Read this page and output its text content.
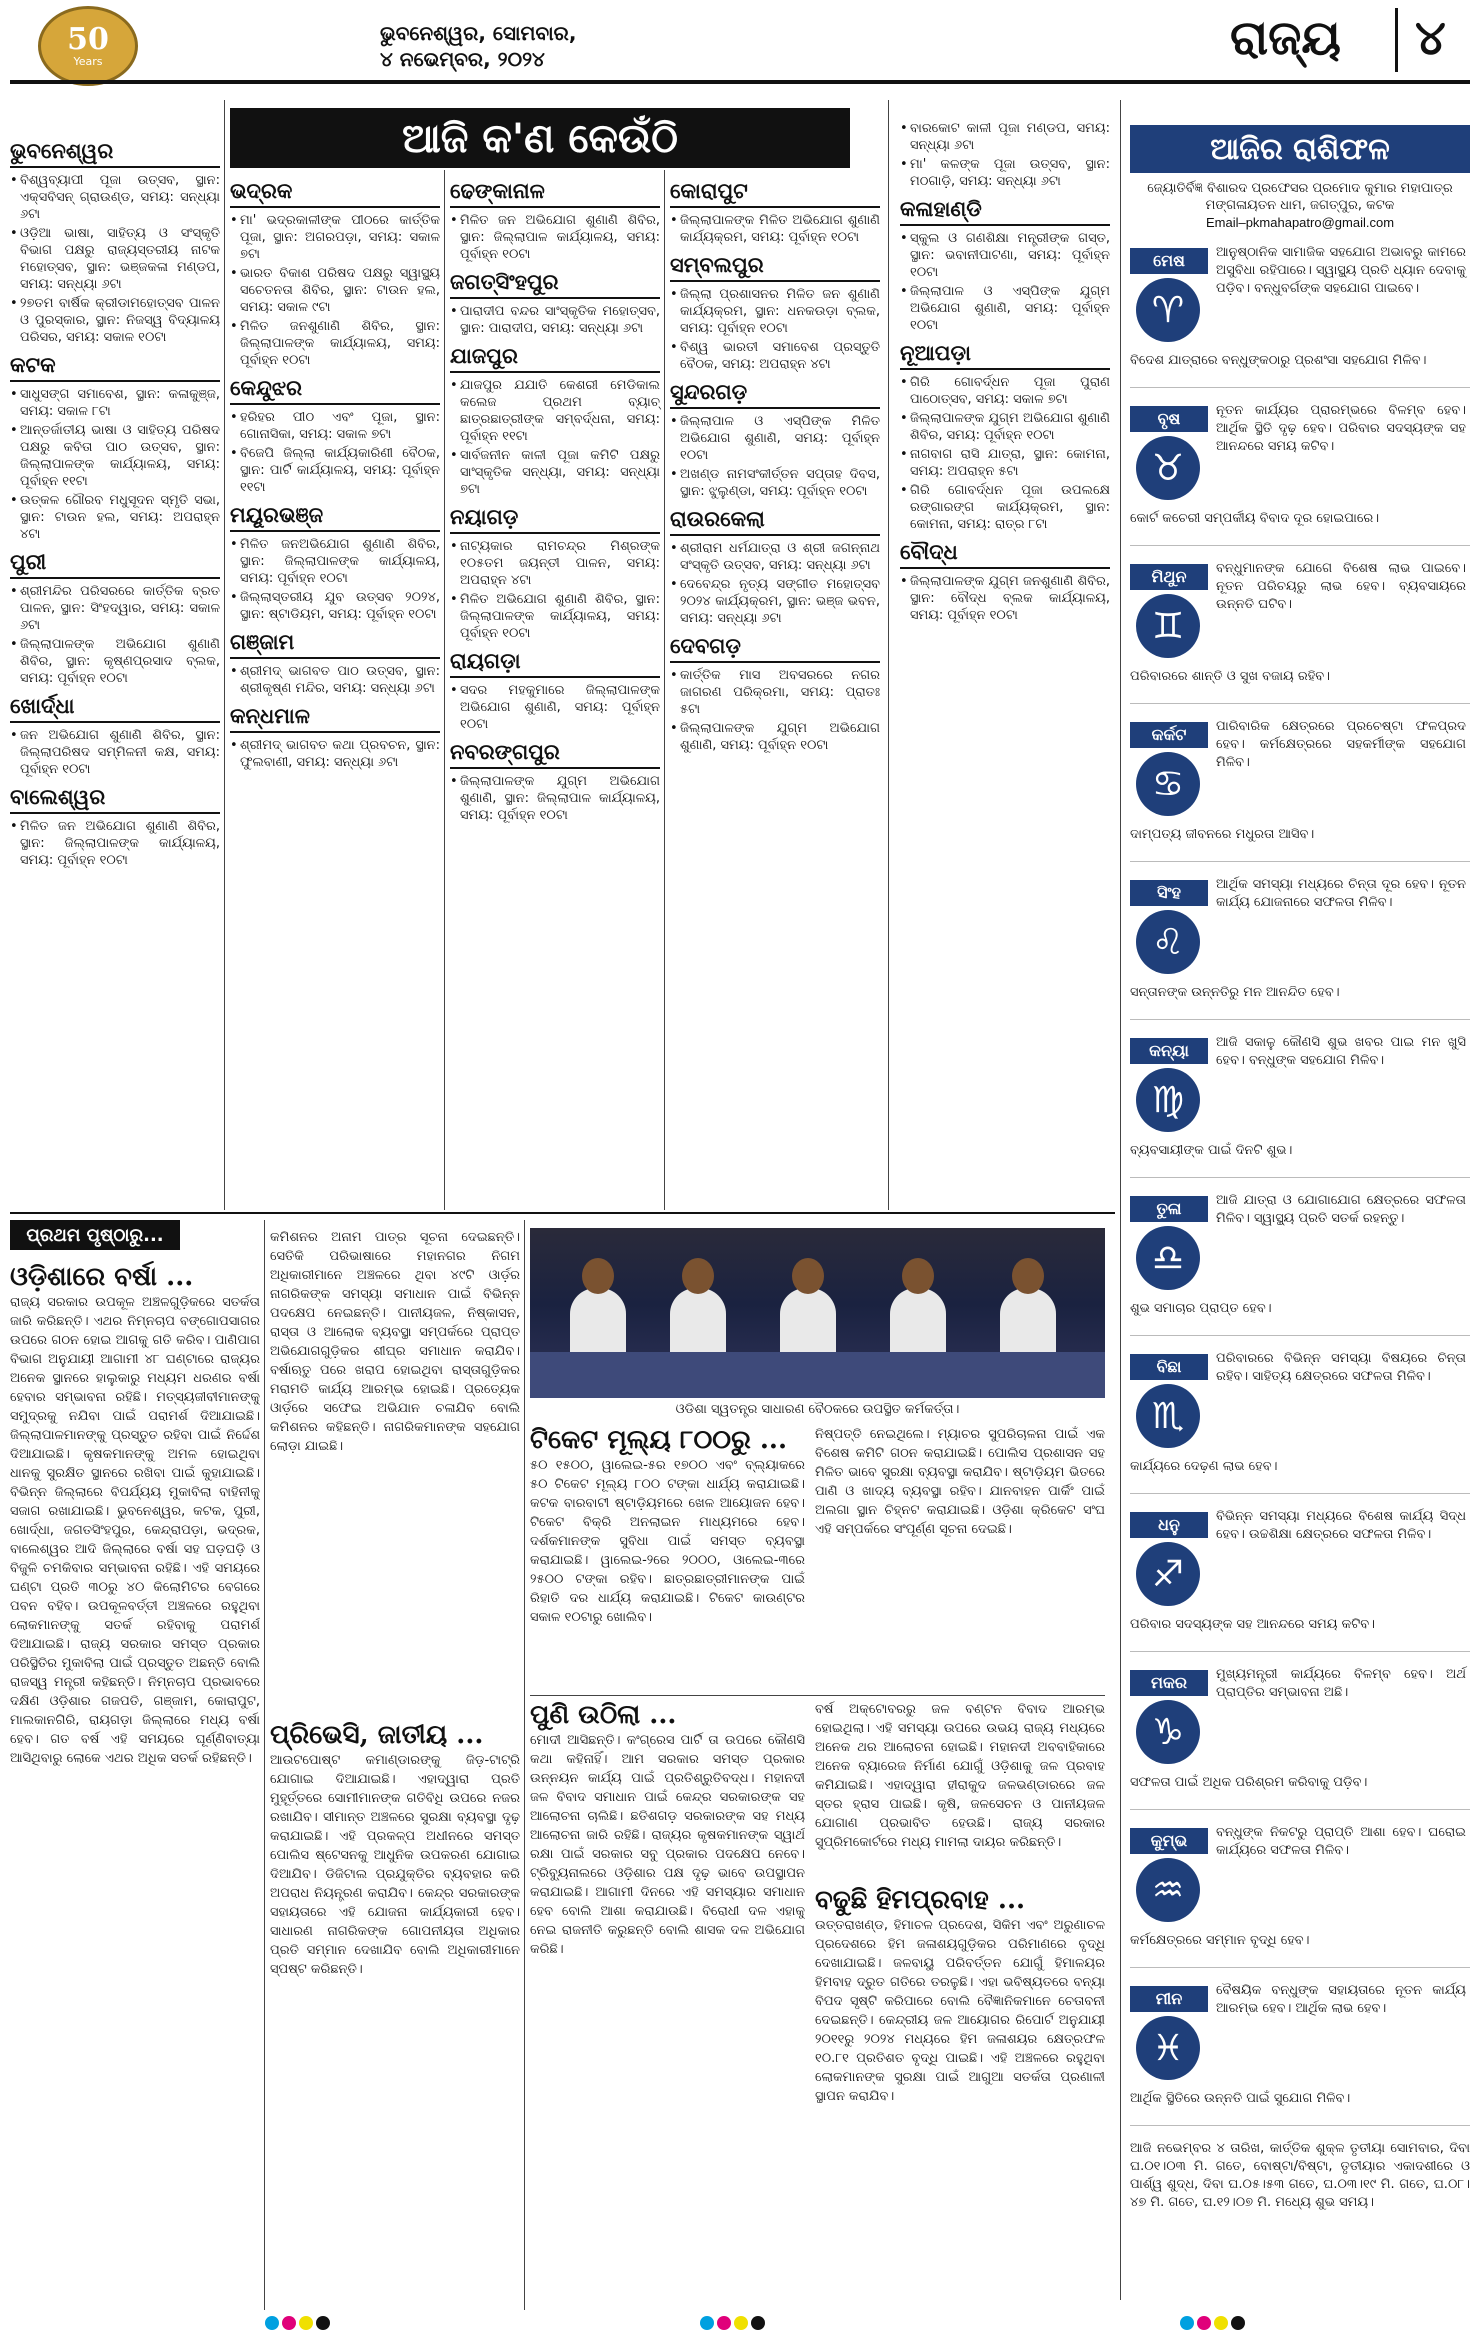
50
Years
ଭୁବନେଶ୍ୱର, ସୋମବାର,
୪ ନଭେମ୍ବର, ୨୦୨୪	ରାଜ୍ୟ ୪
ଆଜି କ'ଣ କେଉଁଠି
ଭୁବନେଶ୍ୱର
• ବିଶ୍ୱବ୍ୟାପୀ ପୂଜା ଉତ୍ସବ, ସ୍ଥାନ: ଏକ୍ସବିସନ୍ ଗ୍ରାଉଣ୍ଡ, ସମୟ: ସନ୍ଧ୍ୟା ୬ଟା
• ଓଡ଼ିଆ ଭାଷା, ସାହିତ୍ୟ ଓ ସଂସ୍କୃତି ବିଭାଗ ପକ୍ଷରୁ ରାଜ୍ୟସ୍ତରୀୟ ନାଟକ ମହୋତ୍ସବ, ସ୍ଥାନ: ଭଞ୍ଜକଳା ମଣ୍ଡପ, ସମୟ: ସନ୍ଧ୍ୟା ୬ଟା
• ୨୭ତମ ବାର୍ଷିକ କ୍ରୀଡାମହୋତ୍ସବ ପାଳନ ଓ ପୁରସ୍କାର, ସ୍ଥାନ: ନିଜସ୍ୱ ବିଦ୍ୟାଳୟ ପରିସର, ସମୟ: ସକାଳ ୧୦ଟା
କଟକ
• ସାଧୁସଙ୍ଗ ସମାବେଶ, ସ୍ଥାନ: କଳାକୁଞ୍ଜ, ସମୟ: ସକାଳ ୮ଟା
• ଆନ୍ତର୍ଜାତୀୟ ଭାଷା ଓ ସାହିତ୍ୟ ପରିଷଦ ପକ୍ଷରୁ କବିତା ପାଠ ଉତ୍ସବ, ସ୍ଥାନ: ଜିଲ୍ଲାପାଳଙ୍କ କାର୍ଯ୍ୟାଳୟ, ସମୟ: ପୂର୍ବାହ୍ନ ୧୧ଟା
• ଉତ୍କଳ ଗୌରବ ମଧୁସୂଦନ ସ୍ମୃତି ସଭା, ସ୍ଥାନ: ଟାଉନ ହଲ, ସମୟ: ଅପରାହ୍ନ ୪ଟା
ପୁରୀ
• ଶ୍ରୀମନ୍ଦିର ପରିସରରେ କାର୍ତ୍ତିକ ବ୍ରତ ପାଳନ, ସ୍ଥାନ: ସିଂହଦ୍ୱାର, ସମୟ: ସକାଳ ୬ଟା
• ଜିଲ୍ଲାପାଳଙ୍କ ଅଭିଯୋଗ ଶୁଣାଣି ଶିବିର, ସ୍ଥାନ: କୃଷ୍ଣପ୍ରସାଦ ବ୍ଲକ, ସମୟ: ପୂର୍ବାହ୍ନ ୧୦ଟା
ଖୋର୍ଦ୍ଧା
• ଜନ ଅଭିଯୋଗ ଶୁଣାଣି ଶିବିର, ସ୍ଥାନ: ଜିଲ୍ଲାପରିଷଦ ସମ୍ମିଳନୀ କକ୍ଷ, ସମୟ: ପୂର୍ବାହ୍ନ ୧୦ଟା
ବାଲେଶ୍ୱର
• ମିଳିତ ଜନ ଅଭିଯୋଗ ଶୁଣାଣି ଶିବିର, ସ୍ଥାନ: ଜିଲ୍ଲାପାଳଙ୍କ କାର୍ଯ୍ୟାଳୟ, ସମୟ: ପୂର୍ବାହ୍ନ ୧୦ଟା
ଭଦ୍ରକ
• ମା' ଭଦ୍ରକାଳୀଙ୍କ ପୀଠରେ କାର୍ତ୍ତିକ ପୂଜା, ସ୍ଥାନ: ଅଗରପଡ଼ା, ସମୟ: ସକାଳ ୭ଟା
• ଭାରତ ବିକାଶ ପରିଷଦ ପକ୍ଷରୁ ସ୍ୱାସ୍ଥ୍ୟ ସଚେତନତା ଶିବିର, ସ୍ଥାନ: ଟାଉନ ହଲ, ସମୟ: ସକାଳ ୯ଟା
• ମିଳିତ ଜନଶୁଣାଣି ଶିବିର, ସ୍ଥାନ: ଜିଲ୍ଲାପାଳଙ୍କ କାର୍ଯ୍ୟାଳୟ, ସମୟ: ପୂର୍ବାହ୍ନ ୧୦ଟା
କେନ୍ଦୁଝର
• ହରିହର ପୀଠ ଏବଂ ପୂଜା, ସ୍ଥାନ: ଗୋନାସିକା, ସମୟ: ସକାଳ ୭ଟା
• ବିଜେପି ଜିଲ୍ଲା କାର୍ଯ୍ୟକାରିଣୀ ବୈଠକ, ସ୍ଥାନ: ପାର୍ଟି କାର୍ଯ୍ୟାଳୟ, ସମୟ: ପୂର୍ବାହ୍ନ ୧୧ଟା
ମୟୂରଭଞ୍ଜ
• ମିଳିତ ଜନଅଭିଯୋଗ ଶୁଣାଣି ଶିବିର, ସ୍ଥାନ: ଜିଲ୍ଲାପାଳଙ୍କ କାର୍ଯ୍ୟାଳୟ, ସମୟ: ପୂର୍ବାହ୍ନ ୧୦ଟା
• ଜିଲ୍ଲାସ୍ତରୀୟ ଯୁବ ଉତ୍ସବ ୨୦୨୪, ସ୍ଥାନ: ଷ୍ଟାଡିୟମ, ସମୟ: ପୂର୍ବାହ୍ନ ୧୦ଟା
ଗଞ୍ଜାମ
• ଶ୍ରୀମଦ୍ ଭାଗବତ ପାଠ ଉତ୍ସବ, ସ୍ଥାନ: ଶ୍ରୀକୃଷ୍ଣ ମନ୍ଦିର, ସମୟ: ସନ୍ଧ୍ୟା ୬ଟା
କନ୍ଧମାଳ
• ଶ୍ରୀମଦ୍ ଭାଗବତ କଥା ପ୍ରବଚନ, ସ୍ଥାନ: ଫୁଲବାଣୀ, ସମୟ: ସନ୍ଧ୍ୟା ୬ଟା
ଢେଙ୍କାନାଳ
• ମିଳିତ ଜନ ଅଭିଯୋଗ ଶୁଣାଣି ଶିବିର, ସ୍ଥାନ: ଜିଲ୍ଲାପାଳ କାର୍ଯ୍ୟାଳୟ, ସମୟ: ପୂର୍ବାହ୍ନ ୧୦ଟା
ଜଗତ୍‌ସିଂହପୁର
• ପାରାଦୀପ ବନ୍ଦର ସାଂସ୍କୃତିକ ମହୋତ୍ସବ, ସ୍ଥାନ: ପାରାଦୀପ, ସମୟ: ସନ୍ଧ୍ୟା ୬ଟା
ଯାଜପୁର
• ଯାଜପୁର ଯଯାତି କେଶରୀ ମେଡିକାଲ କଲେଜ ପ୍ରଥମ ବ୍ୟାଚ୍ ଛାତ୍ରଛାତ୍ରୀଙ୍କ ସମ୍ବର୍ଦ୍ଧନା, ସମୟ: ପୂର୍ବାହ୍ନ ୧୧ଟା
• ସାର୍ବଜନୀନ କାଳୀ ପୂଜା କମିଟି ପକ୍ଷରୁ ସାଂସ୍କୃତିକ ସନ୍ଧ୍ୟା, ସମୟ: ସନ୍ଧ୍ୟା ୭ଟା
ନୟାଗଡ଼
• ନାଟ୍ୟକାର ରାମଚନ୍ଦ୍ର ମିଶ୍ରଙ୍କ ୧୦୫ତମ ଜୟନ୍ତୀ ପାଳନ, ସମୟ: ଅପରାହ୍ନ ୪ଟା
• ମିଳିତ ଅଭିଯୋଗ ଶୁଣାଣି ଶିବିର, ସ୍ଥାନ: ଜିଲ୍ଲାପାଳଙ୍କ କାର୍ଯ୍ୟାଳୟ, ସମୟ: ପୂର୍ବାହ୍ନ ୧୦ଟା
ରାୟଗଡ଼ା
• ସଦର ମହକୁମାରେ ଜିଲ୍ଲାପାଳଙ୍କ ଅଭିଯୋଗ ଶୁଣାଣି, ସମୟ: ପୂର୍ବାହ୍ନ ୧୦ଟା
ନବରଙ୍ଗପୁର
• ଜିଲ୍ଲାପାଳଙ୍କ ଯୁଗ୍ମ ଅଭିଯୋଗ ଶୁଣାଣି, ସ୍ଥାନ: ଜିଲ୍ଲାପାଳ କାର୍ଯ୍ୟାଳୟ, ସମୟ: ପୂର୍ବାହ୍ନ ୧୦ଟା
କୋରାପୁଟ
• ଜିଲ୍ଲାପାଳଙ୍କ ମିଳିତ ଅଭିଯୋଗ ଶୁଣାଣି କାର୍ଯ୍ୟକ୍ରମ, ସମୟ: ପୂର୍ବାହ୍ନ ୧୦ଟା
ସମ୍ବଲପୁର
• ଜିଲ୍ଲା ପ୍ରଶାସନର ମିଳିତ ଜନ ଶୁଣାଣି କାର୍ଯ୍ୟକ୍ରମ, ସ୍ଥାନ: ଧନକଉଡ଼ା ବ୍ଲକ, ସମୟ: ପୂର୍ବାହ୍ନ ୧୦ଟା
• ବିଶ୍ୱ ଭାରତୀ ସମାବେଶ ପ୍ରସ୍ତୁତି ବୈଠକ, ସମୟ: ଅପରାହ୍ନ ୪ଟା
ସୁନ୍ଦରଗଡ଼
• ଜିଲ୍ଲାପାଳ ଓ ଏସ୍‌ପିଙ୍କ ମିଳିତ ଅଭିଯୋଗ ଶୁଣାଣି, ସମୟ: ପୂର୍ବାହ୍ନ ୧୦ଟା
• ଅଖଣ୍ଡ ନାମସଂକୀର୍ତ୍ତନ ସପ୍ତାହ ଦିବସ, ସ୍ଥାନ: ଝୁଲୁଣ୍ଡା, ସମୟ: ପୂର୍ବାହ୍ନ ୧୦ଟା
ରାଉରକେଲା
• ଶ୍ରୀରାମ ଧର୍ମଯାତ୍ରା ଓ ଶ୍ରୀ ଜଗନ୍ନାଥ ସଂସ୍କୃତି ଉତ୍ସବ, ସମୟ: ସନ୍ଧ୍ୟା ୬ଟା
• ଦେବେନ୍ଦ୍ର ନୃତ୍ୟ ସଙ୍ଗୀତ ମହୋତ୍ସବ ୨୦୨୪ କାର୍ଯ୍ୟକ୍ରମ, ସ୍ଥାନ: ଭଞ୍ଜ ଭବନ, ସମୟ: ସନ୍ଧ୍ୟା ୬ଟା
ଦେବଗଡ଼
• କାର୍ତ୍ତିକ ମାସ ଅବସରରେ ନଗର ଜାଗରଣ ପରିକ୍ରମା, ସମୟ: ପ୍ରାତଃ ୫ଟା
• ଜିଲ୍ଲାପାଳଙ୍କ ଯୁଗ୍ମ ଅଭିଯୋଗ ଶୁଣାଣି, ସମୟ: ପୂର୍ବାହ୍ନ ୧୦ଟା
• ବାରକୋଟ କାଳୀ ପୂଜା ମଣ୍ଡପ, ସମୟ: ସନ୍ଧ୍ୟା ୬ଟା
• ମା' କଳଙ୍କ ପୂଜା ଉତ୍ସବ, ସ୍ଥାନ: ମଠଗାଡ଼ି, ସମୟ: ସନ୍ଧ୍ୟା ୬ଟା
କଳାହାଣ୍ଡି
• ସ୍କୁଲ ଓ ଗଣଶିକ୍ଷା ମନ୍ତ୍ରୀଙ୍କ ଗସ୍ତ, ସ୍ଥାନ: ଭବାନୀପାଟଣା, ସମୟ: ପୂର୍ବାହ୍ନ ୧୦ଟା
• ଜିଲ୍ଲାପାଳ ଓ ଏସ୍‌ପିଙ୍କ ଯୁଗ୍ମ ଅଭିଯୋଗ ଶୁଣାଣି, ସମୟ: ପୂର୍ବାହ୍ନ ୧୦ଟା
ନୂଆପଡ଼ା
• ଗିରି ଗୋବର୍ଦ୍ଧନ ପୂଜା ପୁରାଣ ପାଠୋତ୍ସବ, ସମୟ: ସକାଳ ୭ଟା
• ଜିଲ୍ଲାପାଳଙ୍କ ଯୁଗ୍ମ ଅଭିଯୋଗ ଶୁଣାଣି ଶିବିର, ସମୟ: ପୂର୍ବାହ୍ନ ୧୦ଟା
• ନାଗବାଗ ରାସି ଯାତ୍ରା, ସ୍ଥାନ: କୋମନା, ସମୟ: ଅପରାହ୍ନ ୫ଟା
• ଗିରି ଗୋବର୍ଦ୍ଧନ ପୂଜା ଉପଲକ୍ଷେ ରଙ୍ଗାରଙ୍ଗ କାର୍ଯ୍ୟକ୍ରମ, ସ୍ଥାନ: କୋମନା, ସମୟ: ରାତ୍ର ୮ଟା
ବୌଦ୍ଧ
• ଜିଲ୍ଲାପାଳଙ୍କ ଯୁଗ୍ମ ଜନଶୁଣାଣି ଶିବିର, ସ୍ଥାନ: ବୌଦ୍ଧ ବ୍ଲକ କାର୍ଯ୍ୟାଳୟ, ସମୟ: ପୂର୍ବାହ୍ନ ୧୦ଟା
ଆଜିର ରାଶିଫଳ
ଜ୍ୟୋତିର୍ବିଜ୍ଞ ବିଶାରଦ ପ୍ରଫେସର ପ୍ରମୋଦ କୁମାର ମହାପାତ୍ର
ମଙ୍ଗଳାୟତନ ଧାମ, ଜଗତ୍ପୁର, କଟକ
Email–pkmahapatro@gmail.com
ମେଷ
♈
ଆନୁଷ୍ଠାନିକ ସାମାଜିକ ସହଯୋଗ ଅଭାବରୁ କାମରେ ଅସୁବିଧା ରହିପାରେ। ସ୍ୱାସ୍ଥ୍ୟ ପ୍ରତି ଧ୍ୟାନ ଦେବାକୁ ପଡ଼ିବ। ବନ୍ଧୁବର୍ଗଙ୍କ ସହଯୋଗ ପାଇବେ।
ବିଦେଶ ଯାତ୍ରାରେ ବନ୍ଧୁଙ୍କଠାରୁ ପ୍ରଶଂସା ସହଯୋଗ ମିଳିବ।
ବୃଷ
♉
ନୂତନ କାର୍ଯ୍ୟର ପ୍ରାରମ୍ଭରେ ବିଳମ୍ବ ହେବ। ଆର୍ଥିକ ସ୍ଥିତି ଦୃଢ଼ ହେବ। ପରିବାର ସଦସ୍ୟଙ୍କ ସହ ଆନନ୍ଦରେ ସମୟ କଟିବ।
କୋର୍ଟ କଚେରୀ ସମ୍ପର୍କୀୟ ବିବାଦ ଦୂର ହୋଇପାରେ।
ମିଥୁନ
♊
ବନ୍ଧୁମାନଙ୍କ ଯୋଗେ ବିଶେଷ ଲାଭ ପାଇବେ। ନୂତନ ପରିଚୟରୁ ଲାଭ ହେବ। ବ୍ୟବସାୟରେ ଉନ୍ନତି ଘଟିବ।
ପରିବାରରେ ଶାନ୍ତି ଓ ସୁଖ ବଜାୟ ରହିବ।
କର୍କଟ
♋
ପାରିବାରିକ କ୍ଷେତ୍ରରେ ପ୍ରଚେଷ୍ଟା ଫଳପ୍ରଦ ହେବ। କର୍ମକ୍ଷେତ୍ରରେ ସହକର୍ମୀଙ୍କ ସହଯୋଗ ମିଳିବ।
ଦାମ୍ପତ୍ୟ ଜୀବନରେ ମଧୁରତା ଆସିବ।
ସିଂହ
♌
ଆର୍ଥିକ ସମସ୍ୟା ମଧ୍ୟରେ ଚିନ୍ତା ଦୂର ହେବ। ନୂତନ କାର୍ଯ୍ୟ ଯୋଜନାରେ ସଫଳତା ମିଳିବ।
ସନ୍ତାନଙ୍କ ଉନ୍ନତିରୁ ମନ ଆନନ୍ଦିତ ହେବ।
କନ୍ୟା
♍
ଆଜି ସକାଳୁ କୌଣସି ଶୁଭ ଖବର ପାଇ ମନ ଖୁସି ହେବ। ବନ୍ଧୁଙ୍କ ସହଯୋଗ ମିଳିବ।
ବ୍ୟବସାୟୀଙ୍କ ପାଇଁ ଦିନଟି ଶୁଭ।
ତୁଳା
♎
ଆଜି ଯାତ୍ରା ଓ ଯୋଗାଯୋଗ କ୍ଷେତ୍ରରେ ସଫଳତା ମିଳିବ। ସ୍ୱାସ୍ଥ୍ୟ ପ୍ରତି ସତର୍କ ରହନ୍ତୁ।
ଶୁଭ ସମାଚାର ପ୍ରାପ୍ତ ହେବ।
ବିଛା
♏
ପରିବାରରେ ବିଭିନ୍ନ ସମସ୍ୟା ବିଷୟରେ ଚିନ୍ତା ରହିବ। ସାହିତ୍ୟ କ୍ଷେତ୍ରରେ ସଫଳତା ମିଳିବ।
କାର୍ଯ୍ୟରେ ଦେଢ଼ଣ ଲାଭ ହେବ।
ଧନୁ
♐
ବିଭିନ୍ନ ସମସ୍ୟା ମଧ୍ୟରେ ବିଶେଷ କାର୍ଯ୍ୟ ସିଦ୍ଧ ହେବ। ଉଚ୍ଚଶିକ୍ଷା କ୍ଷେତ୍ରରେ ସଫଳତା ମିଳିବ।
ପରିବାର ସଦସ୍ୟଙ୍କ ସହ ଆନନ୍ଦରେ ସମୟ କଟିବ।
ମକର
♑
ମୁଖ୍ୟମନ୍ତ୍ରୀ କାର୍ଯ୍ୟରେ ବିଳମ୍ବ ହେବ। ଅର୍ଥ ପ୍ରାପ୍ତିର ସମ୍ଭାବନା ଅଛି।
ସଫଳତା ପାଇଁ ଅଧିକ ପରିଶ୍ରମ କରିବାକୁ ପଡ଼ିବ।
କୁମ୍ଭ
♒
ବନ୍ଧୁଙ୍କ ନିକଟରୁ ପ୍ରାପ୍ତି ଆଶା ହେବ। ଘରୋଇ କାର୍ଯ୍ୟରେ ସଫଳତା ମିଳିବ।
କର୍ମକ୍ଷେତ୍ରରେ ସମ୍ମାନ ବୃଦ୍ଧି ହେବ।
ମୀନ
♓
ବୈଷୟିକ ବନ୍ଧୁଙ୍କ ସହାୟତାରେ ନୂତନ କାର୍ଯ୍ୟ ଆରମ୍ଭ ହେବ। ଆର୍ଥିକ ଲାଭ ହେବ।
ଆର୍ଥିକ ସ୍ଥିତିରେ ଉନ୍ନତି ପାଇଁ ସୁଯୋଗ ମିଳିବ।
ଆଜି ନଭେମ୍ବର ୪ ତାରିଖ, କାର୍ତ୍ତିକ ଶୁକ୍ଳ ତୃତୀୟା ସୋମବାର, ଦିବା ଘ.୦୧।୦୩ ମି. ଗତେ, ବୋଷ୍ଟା/ବିଷ୍ଟା, ତୃତୀୟାର ଏକାଦଶୀରେ ଓ ପାର୍ଶ୍ୱ ଶୁଦ୍ଧ, ଦିବା ଘ.୦୫।୫୩ ଗତେ, ଘ.୦୩।୧୯ ମି. ଗତେ, ଘ.୦୮।୪୭ ମି. ଗତେ, ଘ.୧୨।୦୭ ମି. ମଧ୍ୟେ ଶୁଭ ସମୟ।
ପ୍ରଥମ ପୃଷ୍ଠାରୁ...
ଓଡ଼ିଶାରେ ବର୍ଷା ...
ରାଜ୍ୟ ସରକାର ଉପକୂଳ ଅଞ୍ଚଳଗୁଡ଼ିକରେ ସତର୍କତା ଜାରି କରିଛନ୍ତି। ଏଥର ନିମ୍ନଚାପ ବଙ୍ଗୋପସାଗର ଉପରେ ଗଠନ ହୋଇ ଆଗକୁ ଗତି କରିବ। ପାଣିପାଗ ବିଭାଗ ଅନୁଯାୟୀ ଆଗାମୀ ୪୮ ଘଣ୍ଟାରେ ରାଜ୍ୟର ଅନେକ ସ୍ଥାନରେ ହାଲୁକାରୁ ମଧ୍ୟମ ଧରଣର ବର୍ଷା ହେବାର ସମ୍ଭାବନା ରହିଛି। ମତ୍ସ୍ୟଜୀବୀମାନଙ୍କୁ ସମୁଦ୍ରକୁ ନଯିବା ପାଇଁ ପରାମର୍ଶ ଦିଆଯାଇଛି। ଜିଲ୍ଲାପାଳମାନଙ୍କୁ ପ୍ରସ୍ତୁତ ରହିବା ପାଇଁ ନିର୍ଦ୍ଦେଶ ଦିଆଯାଇଛି। କୃଷକମାନଙ୍କୁ ଅମଳ ହୋଇଥିବା ଧାନକୁ ସୁରକ୍ଷିତ ସ୍ଥାନରେ ରଖିବା ପାଇଁ କୁହାଯାଇଛି। ବିଭିନ୍ନ ଜିଲ୍ଲାରେ ବିପର୍ଯ୍ୟୟ ମୁକାବିଲା ବାହିନୀକୁ ସଜାଗ ରଖାଯାଇଛି। ଭୁବନେଶ୍ୱର, କଟକ, ପୁରୀ, ଖୋର୍ଦ୍ଧା, ଜଗତସିଂହପୁର, କେନ୍ଦ୍ରାପଡ଼ା, ଭଦ୍ରକ, ବାଲେଶ୍ୱର ଆଦି ଜିଲ୍ଲାରେ ବର୍ଷା ସହ ଘଡ଼ଘଡ଼ି ଓ ବିଜୁଳି ଚମକିବାର ସମ୍ଭାବନା ରହିଛି। ଏହି ସମୟରେ ଘଣ୍ଟା ପ୍ରତି ୩୦ରୁ ୪୦ କିଲୋମିଟର ବେଗରେ ପବନ ବହିବ। ଉପକୂଳବର୍ତ୍ତୀ ଅଞ୍ଚଳରେ ରହୁଥିବା ଲୋକମାନଙ୍କୁ ସତର୍କ ରହିବାକୁ ପରାମର୍ଶ ଦିଆଯାଇଛି। ରାଜ୍ୟ ସରକାର ସମସ୍ତ ପ୍ରକାର ପରିସ୍ଥିତିର ମୁକାବିଲା ପାଇଁ ପ୍ରସ୍ତୁତ ଅଛନ୍ତି ବୋଲି ରାଜସ୍ୱ ମନ୍ତ୍ରୀ କହିଛନ୍ତି। ନିମ୍ନଚାପ ପ୍ରଭାବରେ ଦକ୍ଷିଣ ଓଡ଼ିଶାର ଗଜପତି, ଗଞ୍ଜାମ, କୋରାପୁଟ, ମାଲକାନଗିରି, ରାୟଗଡ଼ା ଜିଲ୍ଲାରେ ମଧ୍ୟ ବର୍ଷା ହେବ। ଗତ ବର୍ଷ ଏହି ସମୟରେ ଘୂର୍ଣ୍ଣିବାତ୍ୟା ଆସିଥିବାରୁ ଲୋକେ ଏଥର ଅଧିକ ସତର୍କ ରହିଛନ୍ତି।
କମିଶନର ଅନାମ ପାତ୍ର ସୂଚନା ଦେଇଛନ୍ତି। ସେତିକି ପରିଭାଷାରେ ମହାନଗର ନିଗମ ଅଧିକାରୀମାନେ ଅଞ୍ଚଳରେ ଥିବା ୪୯ଟି ଓାର୍ଡ଼ର ନାଗରିକଙ୍କ ସମସ୍ୟା ସମାଧାନ ପାଇଁ ବିଭିନ୍ନ ପଦକ୍ଷେପ ନେଇଛନ୍ତି। ପାନୀୟଜଳ, ନିଷ୍କାସନ, ରାସ୍ତା ଓ ଆଲୋକ ବ୍ୟବସ୍ଥା ସମ୍ପର୍କରେ ପ୍ରାପ୍ତ ଅଭିଯୋଗଗୁଡ଼ିକର ଶୀଘ୍ର ସମାଧାନ କରାଯିବ। ବର୍ଷାଋତୁ ପରେ ଖରାପ ହୋଇଥିବା ରାସ୍ତାଗୁଡ଼ିକର ମରାମତି କାର୍ଯ୍ୟ ଆରମ୍ଭ ହୋଇଛି। ପ୍ରତ୍ୟେକ ଓାର୍ଡ଼ରେ ସଫେଇ ଅଭିଯାନ ଚଳାଯିବ ବୋଲି କମିଶନର କହିଛନ୍ତି। ନାଗରିକମାନଙ୍କ ସହଯୋଗ ଲୋଡ଼ା ଯାଇଛି।
ପ୍ରିଭେସି, ଜାତୀୟ ...
ଆଉଟପୋଷ୍ଟ କମାଣ୍ଡାରଙ୍କୁ ଜିଡ଼-ଟାଟ୍ରି ଯୋଗାଇ ଦିଆଯାଇଛି। ଏହାଦ୍ୱାରା ପ୍ରତି ମୁହୂର୍ତ୍ତରେ ସୋମୀମାନଙ୍କ ଗତିବିଧି ଉପରେ ନଜର ରଖାଯିବ। ସୀମାନ୍ତ ଅଞ୍ଚଳରେ ସୁରକ୍ଷା ବ୍ୟବସ୍ଥା ଦୃଢ଼ କରାଯାଇଛି। ଏହି ପ୍ରକଳ୍ପ ଅଧୀନରେ ସମସ୍ତ ପୋଲିସ ଷ୍ଟେସନକୁ ଆଧୁନିକ ଉପକରଣ ଯୋଗାଇ ଦିଆଯିବ। ଡିଜିଟାଲ ପ୍ରଯୁକ୍ତିର ବ୍ୟବହାର କରି ଅପରାଧ ନିୟନ୍ତ୍ରଣ କରାଯିବ। କେନ୍ଦ୍ର ସରକାରଙ୍କ ସହାୟତାରେ ଏହି ଯୋଜନା କାର୍ଯ୍ୟକାରୀ ହେବ। ସାଧାରଣ ନାଗରିକଙ୍କ ଗୋପନୀୟତା ଅଧିକାର ପ୍ରତି ସମ୍ମାନ ଦେଖାଯିବ ବୋଲି ଅଧିକାରୀମାନେ ସ୍ପଷ୍ଟ କରିଛନ୍ତି।
ଓଡିଶା ସ୍ୱତନ୍ତ୍ର ସାଧାରଣ ବୈଠକରେ ଉପସ୍ଥିତ କର୍ମକର୍ତ୍ତା।
ଟିକେଟ ମୂଲ୍ୟ ୮୦୦ରୁ ...
୫୦ ୧୫୦୦, ୱାଲେଇ-୫ର ୧୭୦୦ ଏବଂ ବ୍ଲ୍ୟାକରେ ୫୦ ଟିକେଟ ମୂଲ୍ୟ ୮୦୦ ଟଙ୍କା ଧାର୍ଯ୍ୟ କରାଯାଇଛି। କଟକ ବାରବାଟୀ ଷ୍ଟାଡ଼ିୟମରେ ଖେଳ ଆୟୋଜନ ହେବ। ଟିକେଟ ବିକ୍ରି ଅନଲାଇନ ମାଧ୍ୟମରେ ହେବ। ଦର୍ଶକମାନଙ୍କ ସୁବିଧା ପାଇଁ ସମସ୍ତ ବ୍ୟବସ୍ଥା କରାଯାଇଛି। ୱାଲେଇ-୨ରେ ୨୦୦୦, ଓାଲେଇ-୩ରେ ୨୫୦୦ ଟଙ୍କା ରହିବ। ଛାତ୍ରଛାତ୍ରୀମାନଙ୍କ ପାଇଁ ରିହାତି ଦର ଧାର୍ଯ୍ୟ କରାଯାଇଛି। ଟିକେଟ କାଉଣ୍ଟର ସକାଳ ୧୦ଟାରୁ ଖୋଲିବ।
ନିଷ୍ପତ୍ତି ନେଇଥିଲେ। ମ୍ୟାଚର ସୁପରିଚାଳନା ପାଇଁ ଏକ ବିଶେଷ କମିଟି ଗଠନ କରାଯାଇଛି। ପୋଲିସ ପ୍ରଶାସନ ସହ ମିଳିତ ଭାବେ ସୁରକ୍ଷା ବ୍ୟବସ୍ଥା କରାଯିବ। ଷ୍ଟାଡ଼ିୟମ ଭିତରେ ପାଣି ଓ ଖାଦ୍ୟ ବ୍ୟବସ୍ଥା ରହିବ। ଯାନବାହନ ପାର୍କିଂ ପାଇଁ ଅଲଗା ସ୍ଥାନ ଚିହ୍ନଟ କରାଯାଇଛି। ଓଡ଼ିଶା କ୍ରିକେଟ ସଂଘ ଏହି ସମ୍ପର୍କରେ ସଂପୂର୍ଣ୍ଣ ସୂଚନା ଦେଇଛି।
ପୁଣି ଉଠିଲା ...
ମୋଦୀ ଆସିଛନ୍ତି। କଂଗ୍ରେସ ପାର୍ଟି ତା ଉପରେ କୌଣସି କଥା କହିନାହିଁ। ଆମ ସରକାର ସମସ୍ତ ପ୍ରକାର ଉନ୍ନୟନ କାର୍ଯ୍ୟ ପାଇଁ ପ୍ରତିଶ୍ରୁତିବଦ୍ଧ। ମହାନଦୀ ଜଳ ବିବାଦ ସମାଧାନ ପାଇଁ କେନ୍ଦ୍ର ସରକାରଙ୍କ ସହ ଆଲୋଚନା ଚାଲିଛି। ଛତିଶଗଡ଼ ସରକାରଙ୍କ ସହ ମଧ୍ୟ ଆଲୋଚନା ଜାରି ରହିଛି। ରାଜ୍ୟର କୃଷକମାନଙ୍କ ସ୍ୱାର୍ଥ ରକ୍ଷା ପାଇଁ ସରକାର ସବୁ ପ୍ରକାର ପଦକ୍ଷେପ ନେବେ। ଟ୍ରିବ୍ୟୁନାଲରେ ଓଡ଼ିଶାର ପକ୍ଷ ଦୃଢ଼ ଭାବେ ଉପସ୍ଥାପନ କରାଯାଇଛି। ଆଗାମୀ ଦିନରେ ଏହି ସମସ୍ୟାର ସମାଧାନ ହେବ ବୋଲି ଆଶା କରାଯାଉଛି। ବିରୋଧୀ ଦଳ ଏହାକୁ ନେଇ ରାଜନୀତି କରୁଛନ୍ତି ବୋଲି ଶାସକ ଦଳ ଅଭିଯୋଗ କରିଛି।
ବର୍ଷ ଅକ୍ଟୋବରରୁ ଜଳ ବଣ୍ଟନ ବିବାଦ ଆରମ୍ଭ ହୋଇଥିଲା। ଏହି ସମସ୍ୟା ଉପରେ ଉଭୟ ରାଜ୍ୟ ମଧ୍ୟରେ ଅନେକ ଥର ଆଲୋଚନା ହୋଇଛି। ମହାନଦୀ ଅବବାହିକାରେ ଅନେକ ବ୍ୟାରେଜ ନିର୍ମାଣ ଯୋଗୁଁ ଓଡ଼ିଶାକୁ ଜଳ ପ୍ରବାହ କମିଯାଇଛି। ଏହାଦ୍ୱାରା ହୀରାକୁଦ ଜଳଭଣ୍ଡାରରେ ଜଳ ସ୍ତର ହ୍ରାସ ପାଇଛି। କୃଷି, ଜଳସେଚନ ଓ ପାନୀୟଜଳ ଯୋଗାଣ ପ୍ରଭାବିତ ହେଉଛି। ରାଜ୍ୟ ସରକାର ସୁପ୍ରିମକୋର୍ଟରେ ମଧ୍ୟ ମାମଲା ଦାୟର କରିଛନ୍ତି।
ବଢୁଛି ହିମପ୍ରବାହ ...
ଉତ୍ତରାଖଣ୍ଡ, ହିମାଚଳ ପ୍ରଦେଶ, ସିକିମ ଏବଂ ଅରୁଣାଚଳ ପ୍ରଦେଶରେ ହିମ ଜଳାଶୟଗୁଡ଼ିକର ପରିମାଣରେ ବୃଦ୍ଧି ଦେଖାଯାଇଛି। ଜଳବାୟୁ ପରିବର୍ତ୍ତନ ଯୋଗୁଁ ହିମାଳୟର ହିମବାହ ଦ୍ରୁତ ଗତିରେ ତରଳୁଛି। ଏହା ଭବିଷ୍ୟତରେ ବନ୍ୟା ବିପଦ ସୃଷ୍ଟି କରିପାରେ ବୋଲି ବୈଜ୍ଞାନିକମାନେ ଚେତାବନୀ ଦେଇଛନ୍ତି। କେନ୍ଦ୍ରୀୟ ଜଳ ଆୟୋଗର ରିପୋର୍ଟ ଅନୁଯାୟୀ ୨୦୧୧ରୁ ୨୦୨୪ ମଧ୍ୟରେ ହିମ ଜଳାଶୟର କ୍ଷେତ୍ରଫଳ ୧୦.୮୧ ପ୍ରତିଶତ ବୃଦ୍ଧି ପାଇଛି। ଏହି ଅଞ୍ଚଳରେ ରହୁଥିବା ଲୋକମାନଙ୍କ ସୁରକ୍ଷା ପାଇଁ ଆଗୁଆ ସତର୍କତା ପ୍ରଣାଳୀ ସ୍ଥାପନ କରାଯିବ।
